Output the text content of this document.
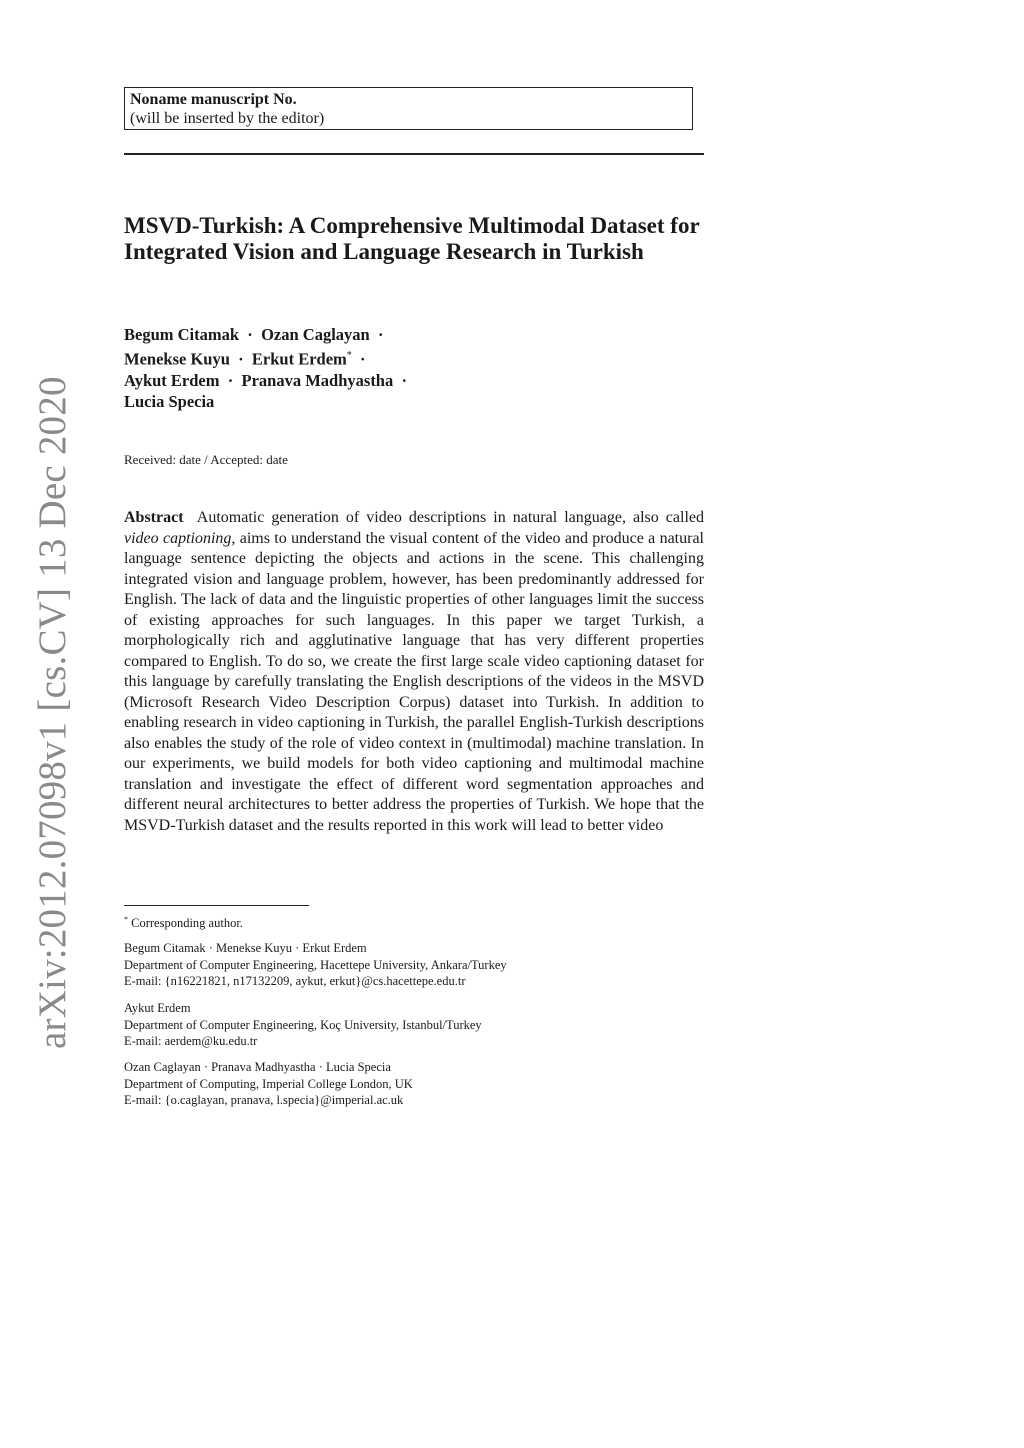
Noname manuscript No.
(will be inserted by the editor)
MSVD-Turkish: A Comprehensive Multimodal Dataset for Integrated Vision and Language Research in Turkish
Begum Citamak · Ozan Caglayan ·
Menekse Kuyu · Erkut Erdem* ·
Aykut Erdem · Pranava Madhyastha ·
Lucia Specia
Received: date / Accepted: date

Abstract Automatic generation of video descriptions in natural language, also called video captioning, aims to understand the visual content of the video and produce a natural language sentence depicting the objects and actions in the scene. This challenging integrated vision and language problem, however, has been predominantly addressed for English. The lack of data and the linguistic properties of other languages limit the success of existing approaches for such languages. In this paper we target Turkish, a morphologically rich and agglutinative language that has very different properties compared to English. To do so, we create the first large scale video captioning dataset for this language by carefully translating the English descriptions of the videos in the MSVD (Microsoft Research Video Description Corpus) dataset into Turkish. In addition to enabling research in video captioning in Turkish, the parallel English-Turkish descriptions also enables the study of the role of video context in (multimodal) machine translation. In our experiments, we build models for both video captioning and multimodal machine translation and investigate the effect of different word segmentation approaches and different neural architectures to better address the properties of Turkish. We hope that the MSVD-Turkish dataset and the results reported in this work will lead to better video

* Corresponding author.
Begum Citamak · Menekse Kuyu · Erkut Erdem
Department of Computer Engineering, Hacettepe University, Ankara/Turkey
E-mail: {n16221821, n17132209, aykut, erkut}@cs.hacettepe.edu.tr
Aykut Erdem
Department of Computer Engineering, Koç University, Istanbul/Turkey
E-mail: aerdem@ku.edu.tr
Ozan Caglayan · Pranava Madhyastha · Lucia Specia
Department of Computing, Imperial College London, UK
E-mail: {o.caglayan, pranava, l.specia}@imperial.ac.uk
arXiv:2012.07098v1 [cs.CV] 13 Dec 2020
